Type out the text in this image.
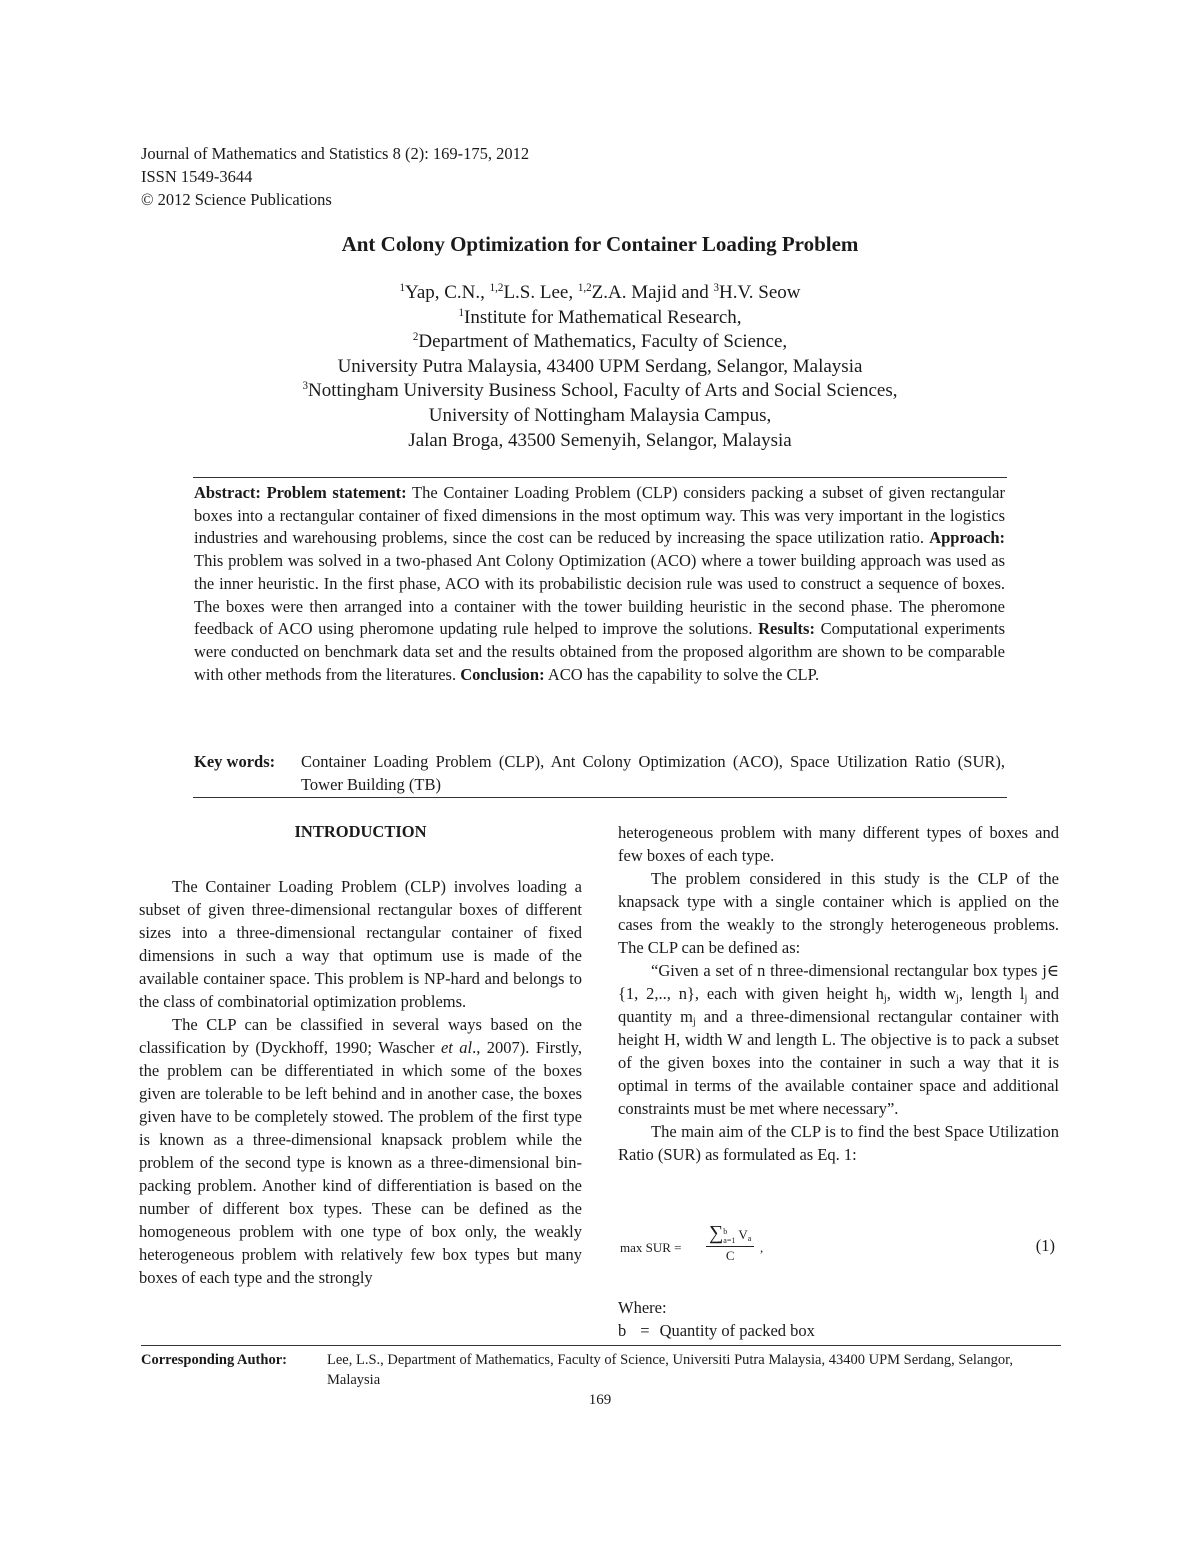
Journal of Mathematics and Statistics 8 (2): 169-175, 2012
ISSN 1549-3644
© 2012 Science Publications
Ant Colony Optimization for Container Loading Problem
$^1$Yap, C.N., $^{1,2}$L.S. Lee, $^{1,2}$Z.A. Majid and $^3$H.V. Seow
$^1$Institute for Mathematical Research,
$^2$Department of Mathematics, Faculty of Science,
University Putra Malaysia, 43400 UPM Serdang, Selangor, Malaysia
$^3$Nottingham University Business School, Faculty of Arts and Social Sciences,
University of Nottingham Malaysia Campus,
Jalan Broga, 43500 Semenyih, Selangor, Malaysia
Abstract: Problem statement: The Container Loading Problem (CLP) considers packing a subset of given rectangular boxes into a rectangular container of fixed dimensions in the most optimum way. This was very important in the logistics industries and warehousing problems, since the cost can be reduced by increasing the space utilization ratio. Approach: This problem was solved in a two-phased Ant Colony Optimization (ACO) where a tower building approach was used as the inner heuristic. In the first phase, ACO with its probabilistic decision rule was used to construct a sequence of boxes. The boxes were then arranged into a container with the tower building heuristic in the second phase. The pheromone feedback of ACO using pheromone updating rule helped to improve the solutions. Results: Computational experiments were conducted on benchmark data set and the results obtained from the proposed algorithm are shown to be comparable with other methods from the literatures. Conclusion: ACO has the capability to solve the CLP.
Key words:	Container Loading Problem (CLP), Ant Colony Optimization (ACO), Space Utilization Ratio (SUR), Tower Building (TB)
INTRODUCTION

The Container Loading Problem (CLP) involves loading a subset of given three-dimensional rectangular boxes of different sizes into a three-dimensional rectangular container of fixed dimensions in such a way that optimum use is made of the available container space. This problem is NP-hard and belongs to the class of combinatorial optimization problems.

The CLP can be classified in several ways based on the classification by (Dyckhoff, 1990; Wascher et al., 2007). Firstly, the problem can be differentiated in which some of the boxes given are tolerable to be left behind and in another case, the boxes given have to be completely stowed. The problem of the first type is known as a three-dimensional knapsack problem while the problem of the second type is known as a three-dimensional bin-packing problem. Another kind of differentiation is based on the number of different box types. These can be defined as the homogeneous problem with one type of box only, the weakly heterogeneous problem with relatively few box types but many boxes of each type and the strongly

heterogeneous problem with many different types of boxes and few boxes of each type.

The problem considered in this study is the CLP of the knapsack type with a single container which is applied on the cases from the weakly to the strongly heterogeneous problems. The CLP can be defined as:

“Given a set of n three-dimensional rectangular box types j∈ {1, 2,.., n}, each with given height $h_j$, width $w_j$, length $l_j$ and quantity $m_j$ and a three-dimensional rectangular container with height H, width W and length L. The objective is to pack a subset of the given boxes into the container in such a way that it is optimal in terms of the available container space and additional constraints must be met where necessary”.

The main aim of the CLP is to find the best Space Utilization Ratio (SUR) as formulated as Eq. 1:

max SUR =
∑b
a=1 $V_a$
C
,	(1)
Where:
b = Quantity of packed box
Corresponding Author:	Lee, L.S., Department of Mathematics, Faculty of Science, Universiti Putra Malaysia, 43400 UPM Serdang, Selangor, Malaysia
169
